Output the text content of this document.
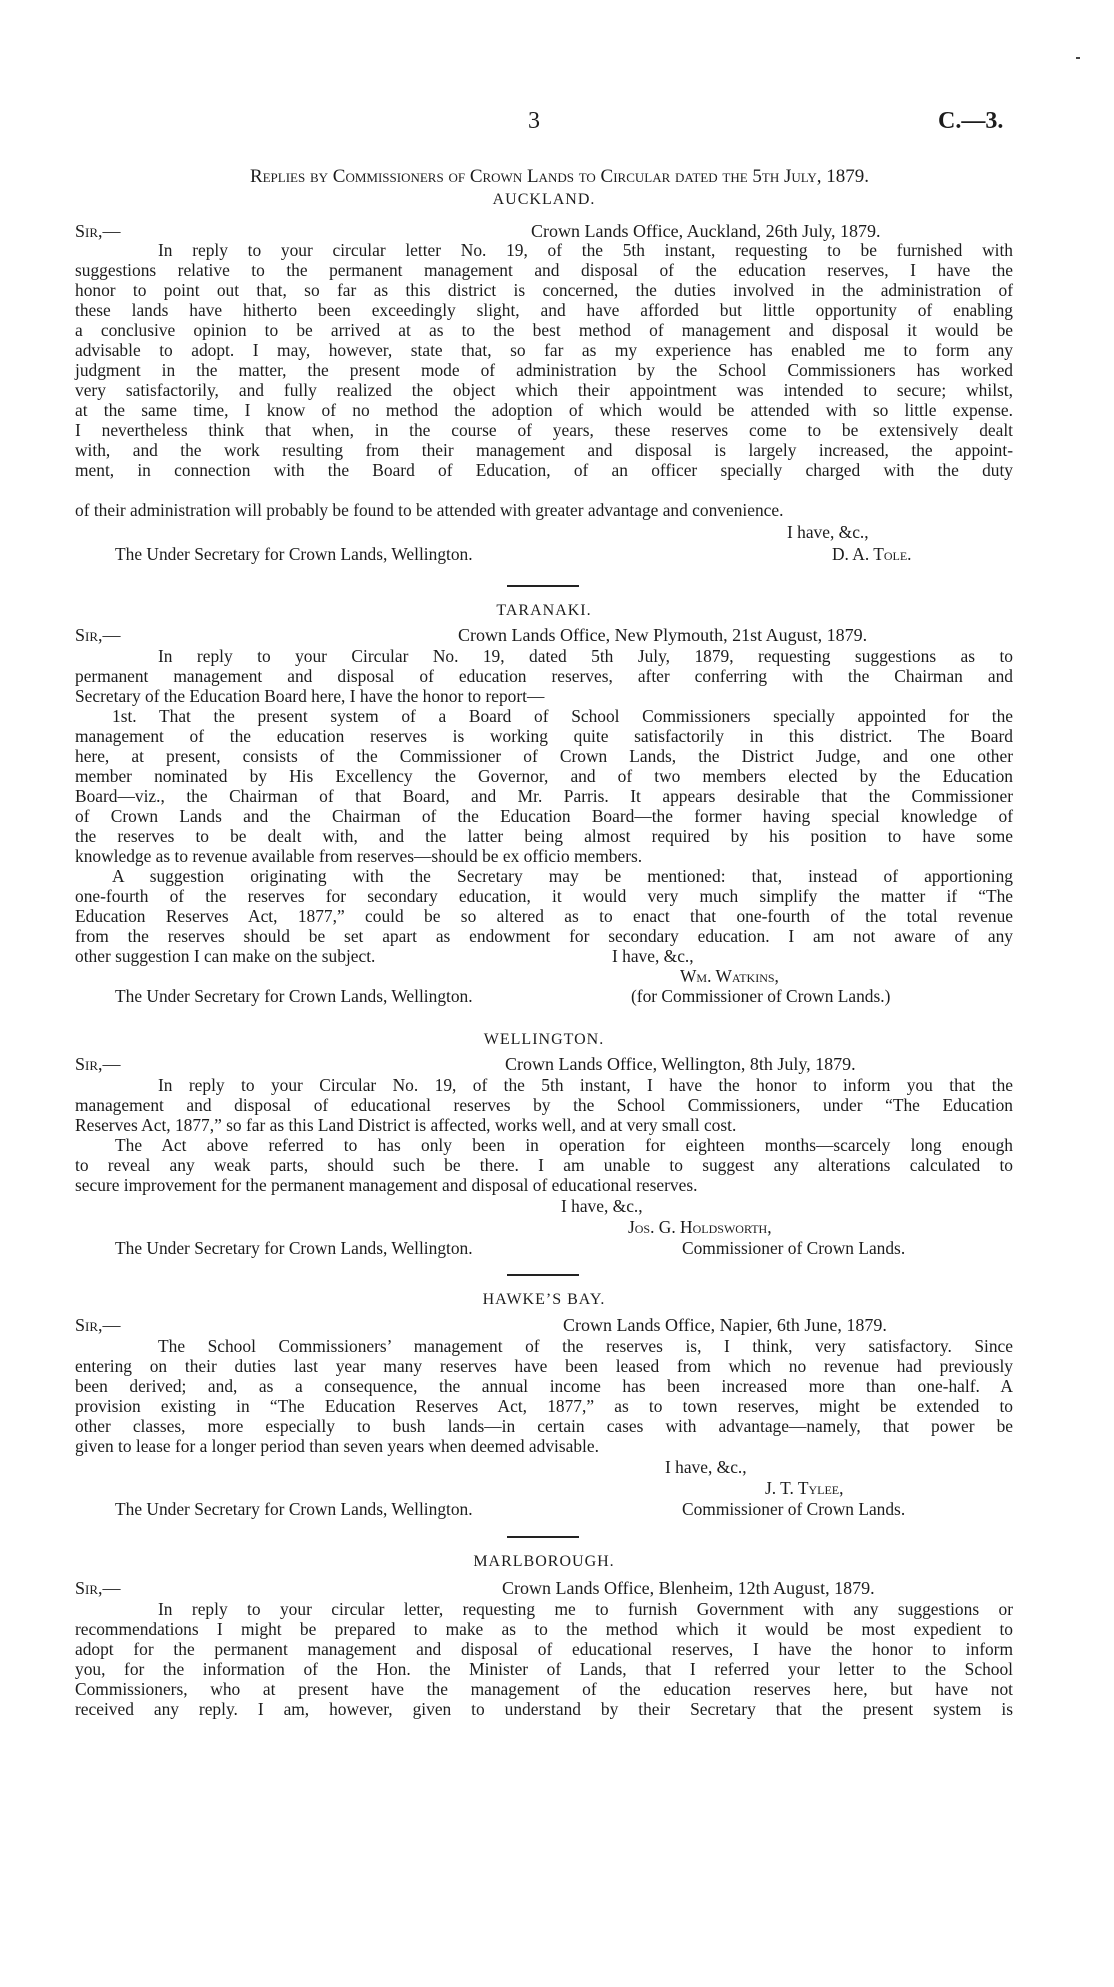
3	C.—3.
Replies by Commissioners of Crown Lands to Circular dated the 5th July, 1879.
AUCKLAND.
Sir,—	Crown Lands Office, Auckland, 26th July, 1879.
In reply to your circular letter No. 19, of the 5th instant, requesting to be furnished with
suggestions relative to the permanent management and disposal of the education reserves, I have the
honor to point out that, so far as this district is concerned, the duties involved in the administration of
these lands have hitherto been exceedingly slight, and have afforded but little opportunity of enabling
a conclusive opinion to be arrived at as to the best method of management and disposal it would be
advisable to adopt. I may, however, state that, so far as my experience has enabled me to form any
judgment in the matter, the present mode of administration by the School Commissioners has worked
very satisfactorily, and fully realized the object which their appointment was intended to secure; whilst,
at the same time, I know of no method the adoption of which would be attended with so little expense.
I nevertheless think that when, in the course of years, these reserves come to be extensively dealt
with, and the work resulting from their management and disposal is largely increased, the appoint-
ment, in connection with the Board of Education, of an officer specially charged with the duty
of their administration will probably be found to be attended with greater advantage and convenience.
I have, &c.,
The Under Secretary for Crown Lands, Wellington.	D. A. Tole.
TARANAKI.
Sir,—	Crown Lands Office, New Plymouth, 21st August, 1879.
In reply to your Circular No. 19, dated 5th July, 1879, requesting suggestions as to
permanent management and disposal of education reserves, after conferring with the Chairman and
Secretary of the Education Board here, I have the honor to report—
1st. That the present system of a Board of School Commissioners specially appointed for the
management of the education reserves is working quite satisfactorily in this district. The Board
here, at present, consists of the Commissioner of Crown Lands, the District Judge, and one other
member nominated by His Excellency the Governor, and of two members elected by the Education
Board—viz., the Chairman of that Board, and Mr. Parris. It appears desirable that the Commissioner
of Crown Lands and the Chairman of the Education Board—the former having special knowledge of
the reserves to be dealt with, and the latter being almost required by his position to have some
knowledge as to revenue available from reserves—should be ex officio members.
A suggestion originating with the Secretary may be mentioned: that, instead of apportioning
one-fourth of the reserves for secondary education, it would very much simplify the matter if “The
Education Reserves Act, 1877,” could be so altered as to enact that one-fourth of the total revenue
from the reserves should be set apart as endowment for secondary education. I am not aware of any
other suggestion I can make on the subject.	I have, &c.,
Wm. Watkins,
The Under Secretary for Crown Lands, Wellington.	(for Commissioner of Crown Lands.)
WELLINGTON.
Sir,—	Crown Lands Office, Wellington, 8th July, 1879.
In reply to your Circular No. 19, of the 5th instant, I have the honor to inform you that the
management and disposal of educational reserves by the School Commissioners, under “The Education
Reserves Act, 1877,” so far as this Land District is affected, works well, and at very small cost.
The Act above referred to has only been in operation for eighteen months—scarcely long enough
to reveal any weak parts, should such be there. I am unable to suggest any alterations calculated to
secure improvement for the permanent management and disposal of educational reserves.
I have, &c.,
Jos. G. Holdsworth,
The Under Secretary for Crown Lands, Wellington.	Commissioner of Crown Lands.
HAWKE’S BAY.
Sir,—	Crown Lands Office, Napier, 6th June, 1879.
The School Commissioners’ management of the reserves is, I think, very satisfactory. Since
entering on their duties last year many reserves have been leased from which no revenue had previously
been derived; and, as a consequence, the annual income has been increased more than one-half. A
provision existing in “The Education Reserves Act, 1877,” as to town reserves, might be extended to
other classes, more especially to bush lands—in certain cases with advantage—namely, that power be
given to lease for a longer period than seven years when deemed advisable.
I have, &c.,
J. T. Tylee,
The Under Secretary for Crown Lands, Wellington.	Commissioner of Crown Lands.
MARLBOROUGH.
Sir,—	Crown Lands Office, Blenheim, 12th August, 1879.
In reply to your circular letter, requesting me to furnish Government with any suggestions or
recommendations I might be prepared to make as to the method which it would be most expedient to
adopt for the permanent management and disposal of educational reserves, I have the honor to inform
you, for the information of the Hon. the Minister of Lands, that I referred your letter to the School
Commissioners, who at present have the management of the education reserves here, but have not
received any reply. I am, however, given to understand by their Secretary that the present system is
